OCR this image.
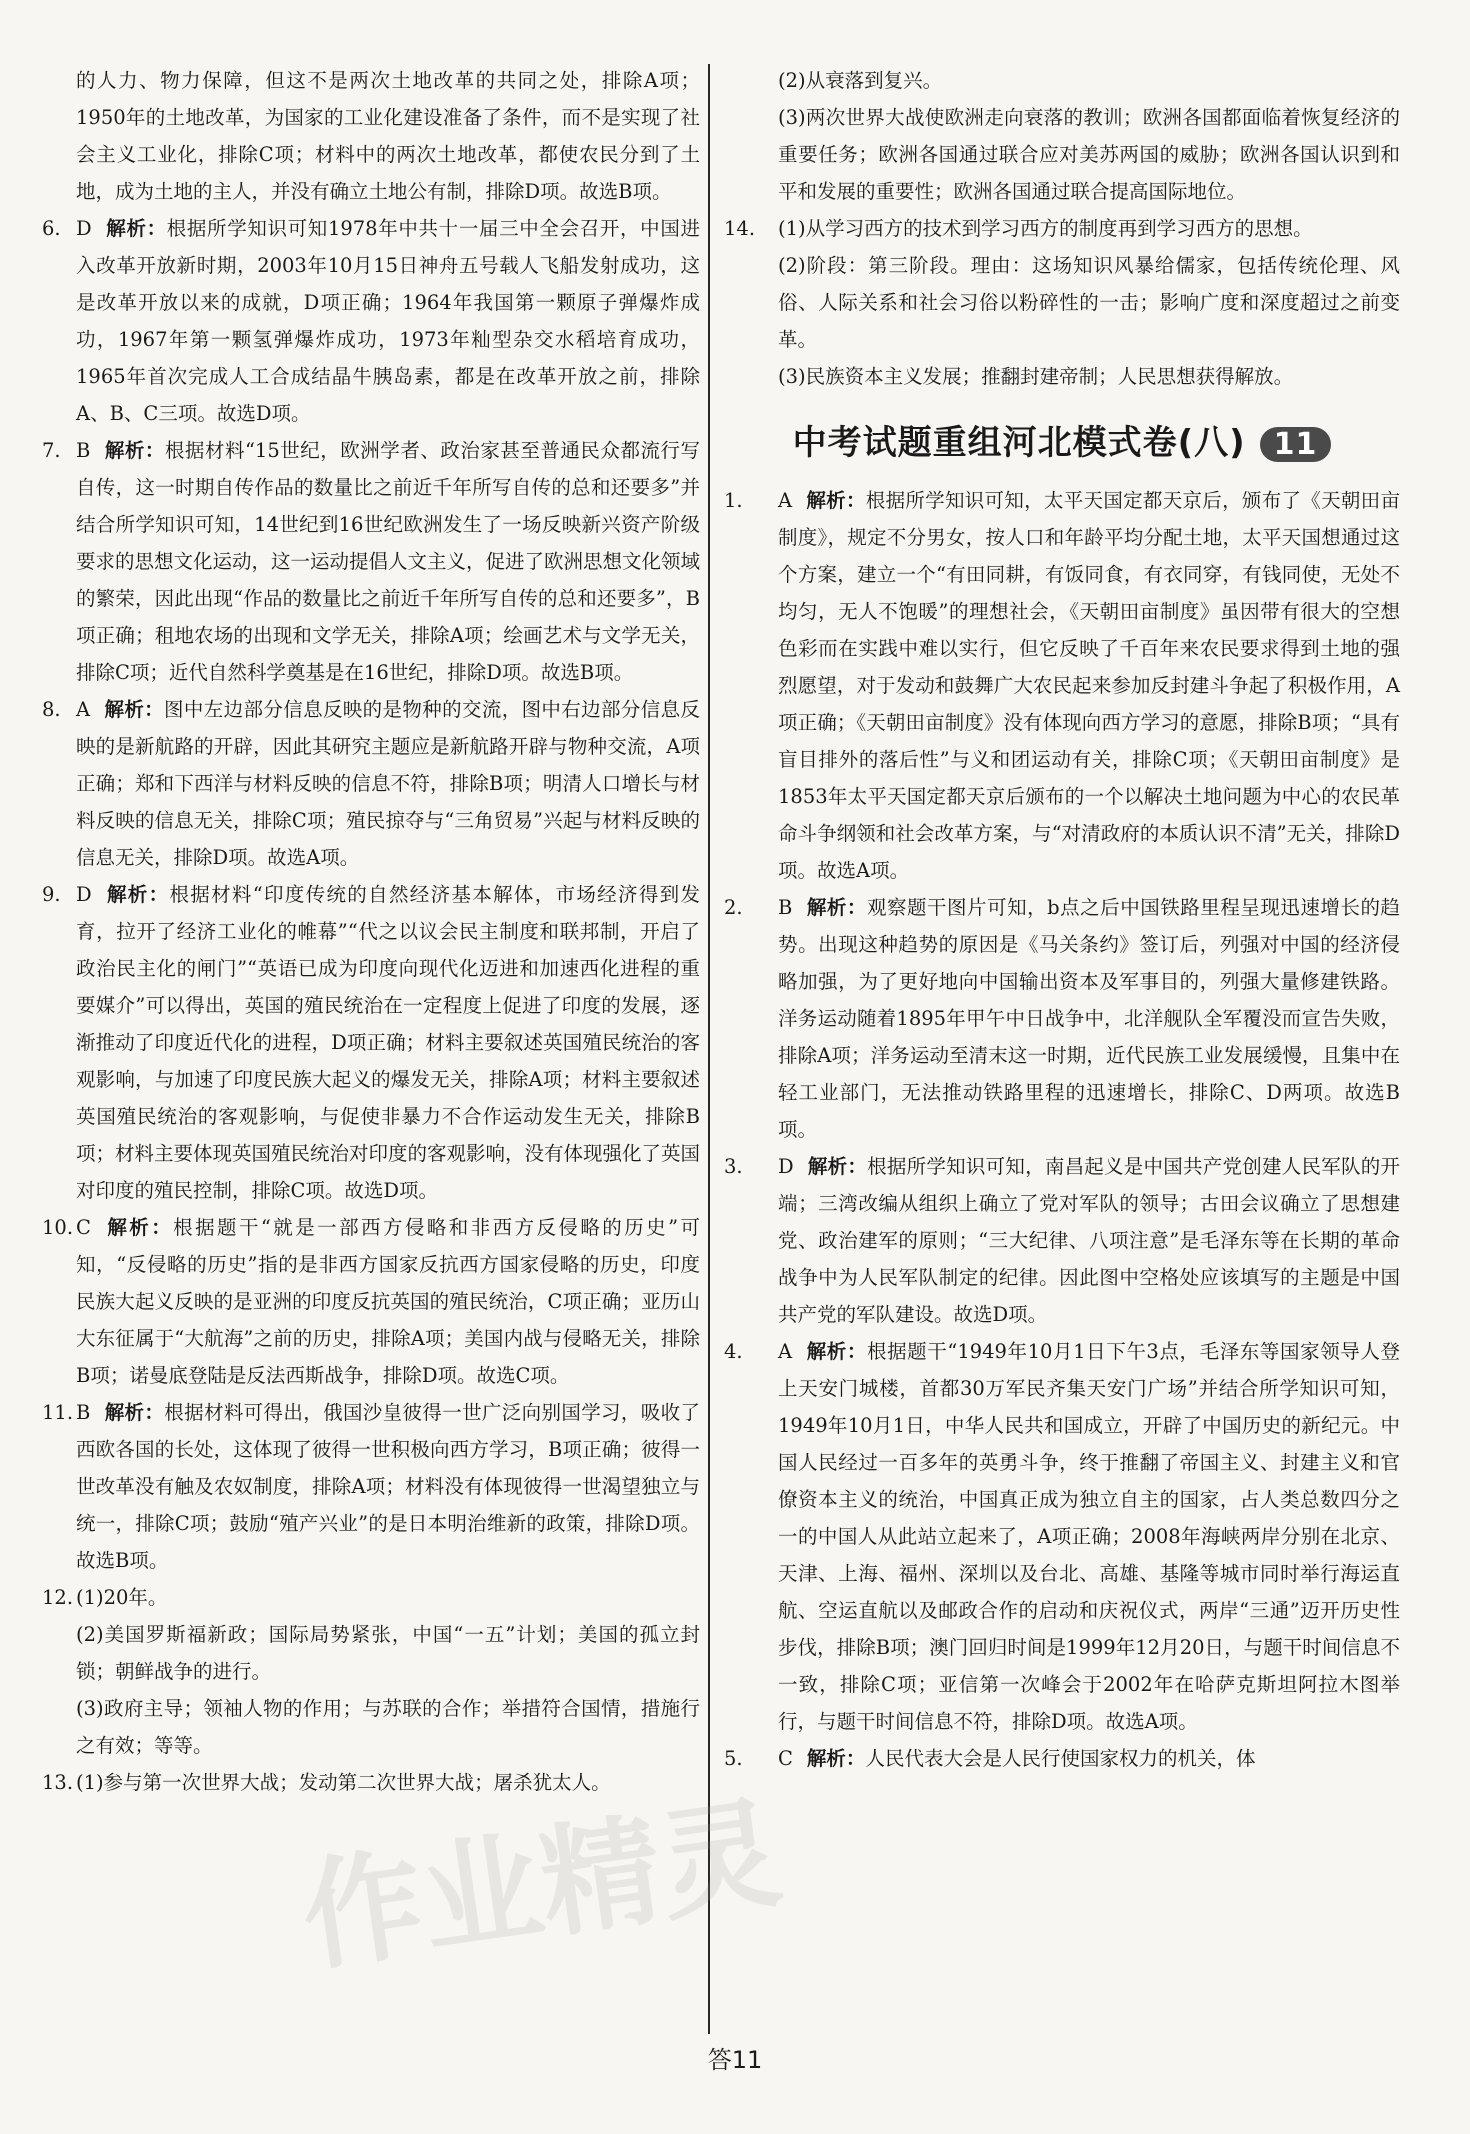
的人力、物力保障，但这不是两次土地改革的共同之处，排除A项；1950年的土地改革，为国家的工业化建设准备了条件，而不是实现了社会主义工业化，排除C项；材料中的两次土地改革，都使农民分到了土地，成为土地的主人，并没有确立土地公有制，排除D项。故选B项。
6. D 解析：根据所学知识可知1978年中共十一届三中全会召开，中国进入改革开放新时期，2003年10月15日神舟五号载人飞船发射成功，这是改革开放以来的成就，D项正确；1964年我国第一颗原子弹爆炸成功，1967年第一颗氢弹爆炸成功，1973年籼型杂交水稻培育成功，1965年首次完成人工合成结晶牛胰岛素，都是在改革开放之前，排除A、B、C三项。故选D项。
7. B 解析：根据材料“15世纪，欧洲学者、政治家甚至普通民众都流行写自传，这一时期自传作品的数量比之前近千年所写自传的总和还要多”并结合所学知识可知，14世纪到16世纪欧洲发生了一场反映新兴资产阶级要求的思想文化运动，这一运动提倡人文主义，促进了欧洲思想文化领域的繁荣，因此出现“作品的数量比之前近千年所写自传的总和还要多”，B项正确；租地农场的出现和文学无关，排除A项；绘画艺术与文学无关，排除C项；近代自然科学奠基是在16世纪，排除D项。故选B项。
8. A 解析：图中左边部分信息反映的是物种的交流，图中右边部分信息反映的是新航路的开辟，因此其研究主题应是新航路开辟与物种交流，A项正确；郑和下西洋与材料反映的信息不符，排除B项；明清人口增长与材料反映的信息无关，排除C项；殖民掠夺与“三角贸易”兴起与材料反映的信息无关，排除D项。故选A项。
9. D 解析：根据材料“印度传统的自然经济基本解体，市场经济得到发育，拉开了经济工业化的帷幕”“代之以议会民主制度和联邦制，开启了政治民主化的闸门”“英语已成为印度向现代化迈进和加速西化进程的重要媒介”可以得出，英国的殖民统治在一定程度上促进了印度的发展，逐渐推动了印度近代化的进程，D项正确；材料主要叙述英国殖民统治的客观影响，与加速了印度民族大起义的爆发无关，排除A项；材料主要叙述英国殖民统治的客观影响，与促使非暴力不合作运动发生无关，排除B项；材料主要体现英国殖民统治对印度的客观影响，没有体现强化了英国对印度的殖民控制，排除C项。故选D项。
10. C 解析：根据题干“就是一部西方侵略和非西方反侵略的历史”可知，“反侵略的历史”指的是非西方国家反抗西方国家侵略的历史，印度民族大起义反映的是亚洲的印度反抗英国的殖民统治，C项正确；亚历山大东征属于“大航海”之前的历史，排除A项；美国内战与侵略无关，排除B项；诺曼底登陆是反法西斯战争，排除D项。故选C项。
11. B 解析：根据材料可得出，俄国沙皇彼得一世广泛向别国学习，吸收了西欧各国的长处，这体现了彼得一世积极向西方学习，B项正确；彼得一世改革没有触及农奴制度，排除A项；材料没有体现彼得一世渴望独立与统一，排除C项；鼓励“殖产兴业”的是日本明治维新的政策，排除D项。故选B项。
12. (1)20年。
(2)美国罗斯福新政；国际局势紧张，中国“一五”计划；美国的孤立封锁；朝鲜战争的进行。
(3)政府主导；领袖人物的作用；与苏联的合作；举措符合国情，措施行之有效；等等。
13. (1)参与第一次世界大战；发动第二次世界大战；屠杀犹太人。
(2)从衰落到复兴。
(3)两次世界大战使欧洲走向衰落的教训；欧洲各国都面临着恢复经济的重要任务；欧洲各国通过联合应对美苏两国的威胁；欧洲各国认识到和平和发展的重要性；欧洲各国通过联合提高国际地位。
14.	(1)从学习西方的技术到学习西方的制度再到学习西方的思想。
(2)阶段：第三阶段。理由：这场知识风暴给儒家，包括传统伦理、风俗、人际关系和社会习俗以粉碎性的一击；影响广度和深度超过之前变革。
(3)民族资本主义发展；推翻封建帝制；人民思想获得解放。
中考试题重组河北模式卷(八) 11
1.	A 解析：根据所学知识可知，太平天国定都天京后，颁布了《天朝田亩制度》，规定不分男女，按人口和年龄平均分配土地，太平天国想通过这个方案，建立一个“有田同耕，有饭同食，有衣同穿，有钱同使，无处不均匀，无人不饱暖”的理想社会，《天朝田亩制度》虽因带有很大的空想色彩而在实践中难以实行，但它反映了千百年来农民要求得到土地的强烈愿望，对于发动和鼓舞广大农民起来参加反封建斗争起了积极作用，A项正确；《天朝田亩制度》没有体现向西方学习的意愿，排除B项；“具有盲目排外的落后性”与义和团运动有关，排除C项；《天朝田亩制度》是1853年太平天国定都天京后颁布的一个以解决土地问题为中心的农民革命斗争纲领和社会改革方案，与“对清政府的本质认识不清”无关，排除D项。故选A项。
2.	B 解析：观察题干图片可知，b点之后中国铁路里程呈现迅速增长的趋势。出现这种趋势的原因是《马关条约》签订后，列强对中国的经济侵略加强，为了更好地向中国输出资本及军事目的，列强大量修建铁路。洋务运动随着1895年甲午中日战争中，北洋舰队全军覆没而宣告失败，排除A项；洋务运动至清末这一时期，近代民族工业发展缓慢，且集中在轻工业部门，无法推动铁路里程的迅速增长，排除C、D两项。故选B项。
3.	D 解析：根据所学知识可知，南昌起义是中国共产党创建人民军队的开端；三湾改编从组织上确立了党对军队的领导；古田会议确立了思想建党、政治建军的原则；“三大纪律、八项注意”是毛泽东等在长期的革命战争中为人民军队制定的纪律。因此图中空格处应该填写的主题是中国共产党的军队建设。故选D项。
4.	A 解析：根据题干“1949年10月1日下午3点，毛泽东等国家领导人登上天安门城楼，首都30万军民齐集天安门广场”并结合所学知识可知，1949年10月1日，中华人民共和国成立，开辟了中国历史的新纪元。中国人民经过一百多年的英勇斗争，终于推翻了帝国主义、封建主义和官僚资本主义的统治，中国真正成为独立自主的国家，占人类总数四分之一的中国人从此站立起来了，A项正确；2008年海峡两岸分别在北京、天津、上海、福州、深圳以及台北、高雄、基隆等城市同时举行海运直航、空运直航以及邮政合作的启动和庆祝仪式，两岸“三通”迈开历史性步伐，排除B项；澳门回归时间是1999年12月20日，与题干时间信息不一致，排除C项；亚信第一次峰会于2002年在哈萨克斯坦阿拉木图举行，与题干时间信息不符，排除D项。故选A项。
5.	C 解析：人民代表大会是人民行使国家权力的机关，体
答11
作业精灵
